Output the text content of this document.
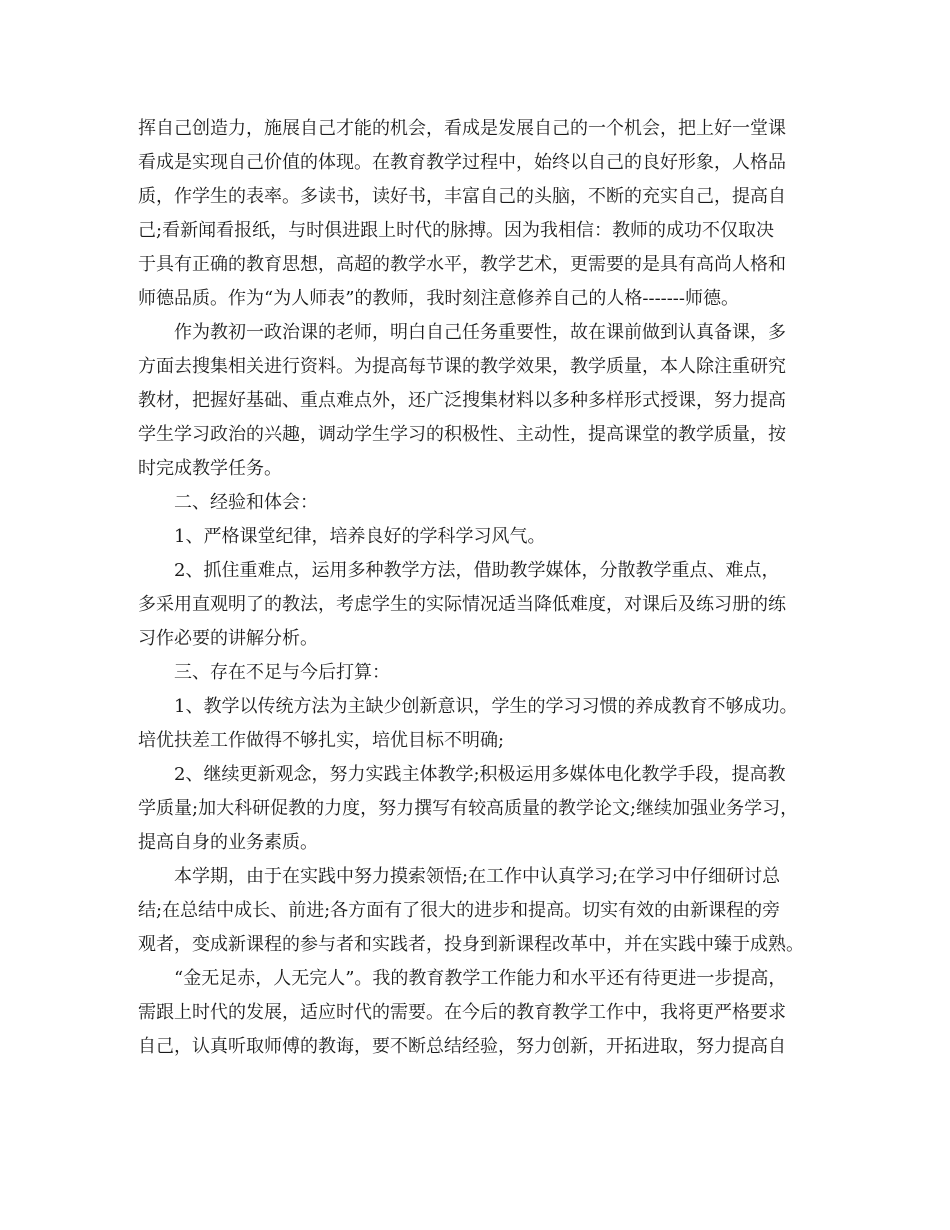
挥自己创造力，施展自己才能的机会，看成是发展自己的一个机会，把上好一堂课
看成是实现自己价值的体现。在教育教学过程中，始终以自己的良好形象，人格品
质，作学生的表率。多读书，读好书，丰富自己的头脑，不断的充实自己，提高自
己;看新闻看报纸，与时俱进跟上时代的脉搏。因为我相信：教师的成功不仅取决
于具有正确的教育思想，高超的教学水平，教学艺术，更需要的是具有高尚人格和
师德品质。作为“为人师表”的教师，我时刻注意修养自己的人格-------师德。
作为教初一政治课的老师，明白自己任务重要性，故在课前做到认真备课，多
方面去搜集相关进行资料。为提高每节课的教学效果，教学质量，本人除注重研究
教材，把握好基础、重点难点外，还广泛搜集材料以多种多样形式授课，努力提高
学生学习政治的兴趣，调动学生学习的积极性、主动性，提高课堂的教学质量，按
时完成教学任务。
二、经验和体会：
1、严格课堂纪律，培养良好的学科学习风气。
2、抓住重难点，运用多种教学方法，借助教学媒体，分散教学重点、难点，
多采用直观明了的教法，考虑学生的实际情况适当降低难度，对课后及练习册的练
习作必要的讲解分析。
三、存在不足与今后打算：
1、教学以传统方法为主缺少创新意识，学生的学习习惯的养成教育不够成功。
培优扶差工作做得不够扎实，培优目标不明确;
2、继续更新观念，努力实践主体教学;积极运用多媒体电化教学手段，提高教
学质量;加大科研促教的力度，努力撰写有较高质量的教学论文;继续加强业务学习，
提高自身的业务素质。
本学期，由于在实践中努力摸索领悟;在工作中认真学习;在学习中仔细研讨总
结;在总结中成长、前进;各方面有了很大的进步和提高。切实有效的由新课程的旁
观者，变成新课程的参与者和实践者，投身到新课程改革中，并在实践中臻于成熟。
“金无足赤，人无完人”。我的教育教学工作能力和水平还有待更进一步提高，
需跟上时代的发展，适应时代的需要。在今后的教育教学工作中，我将更严格要求
自己，认真听取师傅的教诲，要不断总结经验，努力创新，开拓进取，努力提高自
